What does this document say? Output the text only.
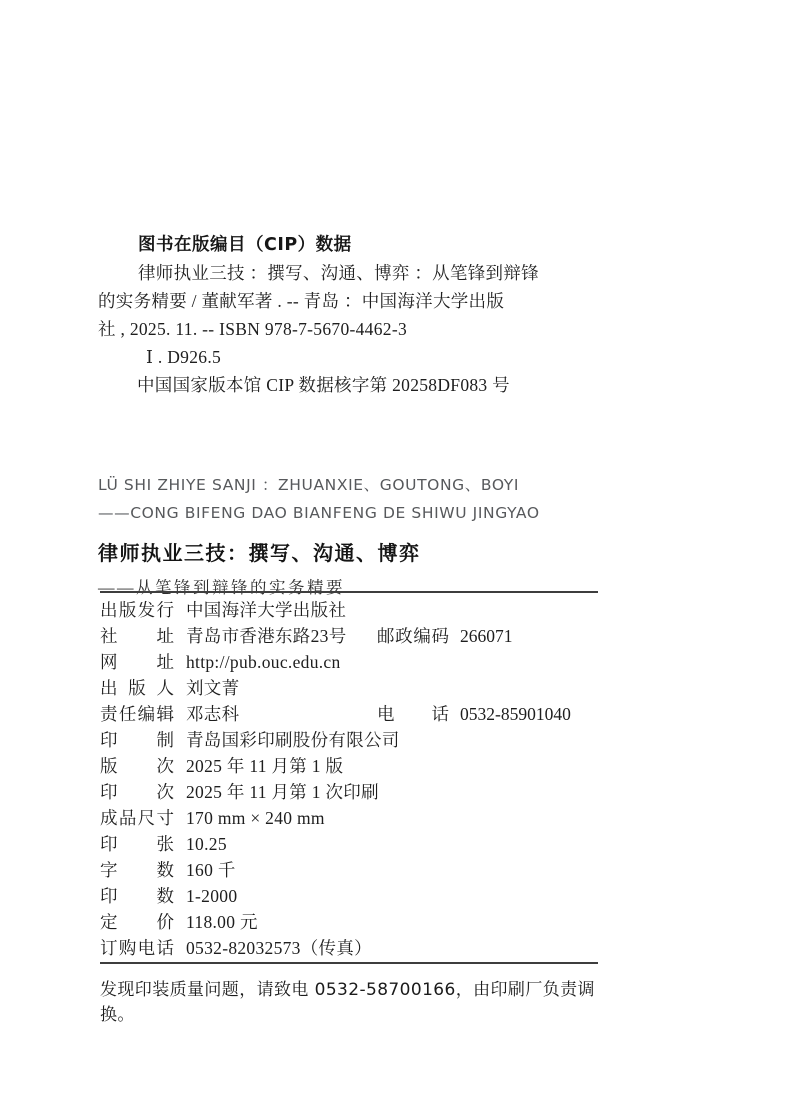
图书在版编目（CIP）数据

律师执业三技 ：撰写、沟通、博弈 ：从笔锋到辩锋

的实务精要 / 董献军著 . -- 青岛 ：中国海洋大学出版

社 , 2025. 11. -- ISBN 978-7-5670-4462-3

Ⅰ . D926.5

中国国家版本馆 CIP 数据核字第 20258DF083 号

LÜ SHI ZHIYE SANJI ：ZHUANXIE、GOUTONG、BOYI

——CONG BIFENG DAO BIANFENG DE SHIWU JINGYAO

律师执业三技：撰写、沟通、博弈

——从笔锋到辩锋的实务精要

出版发行 中国海洋大学出版社
社址 青岛市香港东路23号 邮政编码 266071
网址 http://pub.ouc.edu.cn
出版人 刘文菁
责任编辑 邓志科	电话 0532-85901040
印制 青岛国彩印刷股份有限公司
版次 2025 年 11 月第 1 版
印次 2025 年 11 月第 1 次印刷
成品尺寸 170 mm × 240 mm
印张 10.25
字数 160 千
印数 1-2000
定价 118.00 元
订购电话 0532-82032573（传真）

发现印装质量问题，请致电 0532-58700166，由印刷厂负责调换。
